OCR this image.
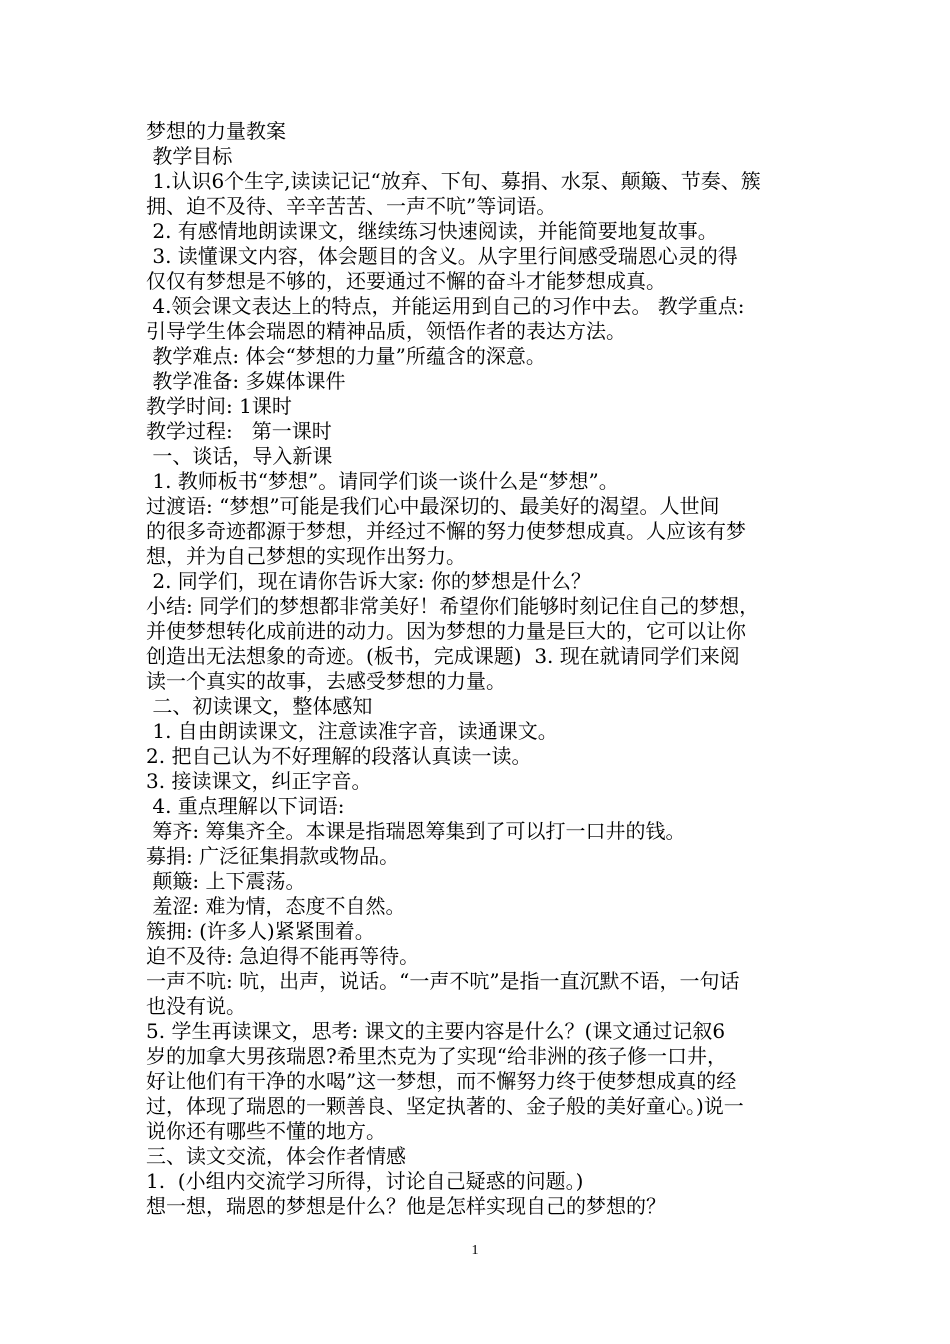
梦想的力量教案

教学目标

1.认识6个生字,读读记记“放弃、下旬、募捐、水泵、颠簸、节奏、簇

拥、迫不及待、辛辛苦苦、一声不吭”等词语。

2. 有感情地朗读课文，继续练习快速阅读，并能简要地复故事。

3. 读懂课文内容，体会题目的含义。从字里行间感受瑞恩心灵的得

仅仅有梦想是不够的，还要通过不懈的奋斗才能梦想成真。

4.领会课文表达上的特点，并能运用到自己的习作中去。 教学重点:

引导学生体会瑞恩的精神品质，领悟作者的表达方法。

教学难点: 体会“梦想的力量”所蕴含的深意。

教学准备: 多媒体课件

教学时间: 1课时

教学过程:   第一课时

一、谈话，导入新课

1. 教师板书“梦想”。请同学们谈一谈什么是“梦想”。

过渡语: “梦想”可能是我们心中最深切的、最美好的渴望。人世间

的很多奇迹都源于梦想，并经过不懈的努力使梦想成真。人应该有梦

想，并为自己梦想的实现作出努力。

2. 同学们，现在请你告诉大家: 你的梦想是什么？

小结: 同学们的梦想都非常美好！希望你们能够时刻记住自己的梦想，

并使梦想转化成前进的动力。因为梦想的力量是巨大的，它可以让你

创造出无法想象的奇迹。(板书，完成课题)  3. 现在就请同学们来阅

读一个真实的故事，去感受梦想的力量。

二、初读课文，整体感知

1. 自由朗读课文，注意读准字音，读通课文。

2. 把自己认为不好理解的段落认真读一读。

3. 接读课文，纠正字音。

4. 重点理解以下词语:

筹齐: 筹集齐全。本课是指瑞恩筹集到了可以打一口井的钱。

募捐: 广泛征集捐款或物品。

颠簸: 上下震荡。

羞涩: 难为情，态度不自然。

簇拥: (许多人)紧紧围着。

迫不及待: 急迫得不能再等待。

一声不吭: 吭，出声，说话。“一声不吭”是指一直沉默不语，一句话

也没有说。

5. 学生再读课文，思考: 课文的主要内容是什么？(课文通过记叙6

岁的加拿大男孩瑞恩?希里杰克为了实现“给非洲的孩子修一口井，

好让他们有干净的水喝”这一梦想，而不懈努力终于使梦想成真的经

过，体现了瑞恩的一颗善良、坚定执著的、金子般的美好童心。)说一

说你还有哪些不懂的地方。

三、读文交流，体会作者情感

1.  (小组内交流学习所得，讨论自己疑惑的问题。)

想一想，瑞恩的梦想是什么？他是怎样实现自己的梦想的？

1
